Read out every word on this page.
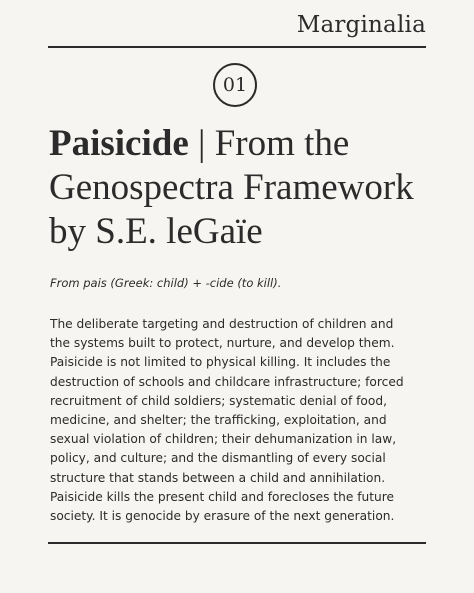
Marginalia
01
Paisicide | From the
Genospectra Framework
by S.E. leGaïe

From pais (Greek: child) + -cide (to kill).

The deliberate targeting and destruction of children and
the systems built to protect, nurture, and develop them.
Paisicide is not limited to physical killing. It includes the
destruction of schools and childcare infrastructure; forced
recruitment of child soldiers; systematic denial of food,
medicine, and shelter; the trafficking, exploitation, and
sexual violation of children; their dehumanization in law,
policy, and culture; and the dismantling of every social
structure that stands between a child and annihilation.
Paisicide kills the present child and forecloses the future
society. It is genocide by erasure of the next generation.
